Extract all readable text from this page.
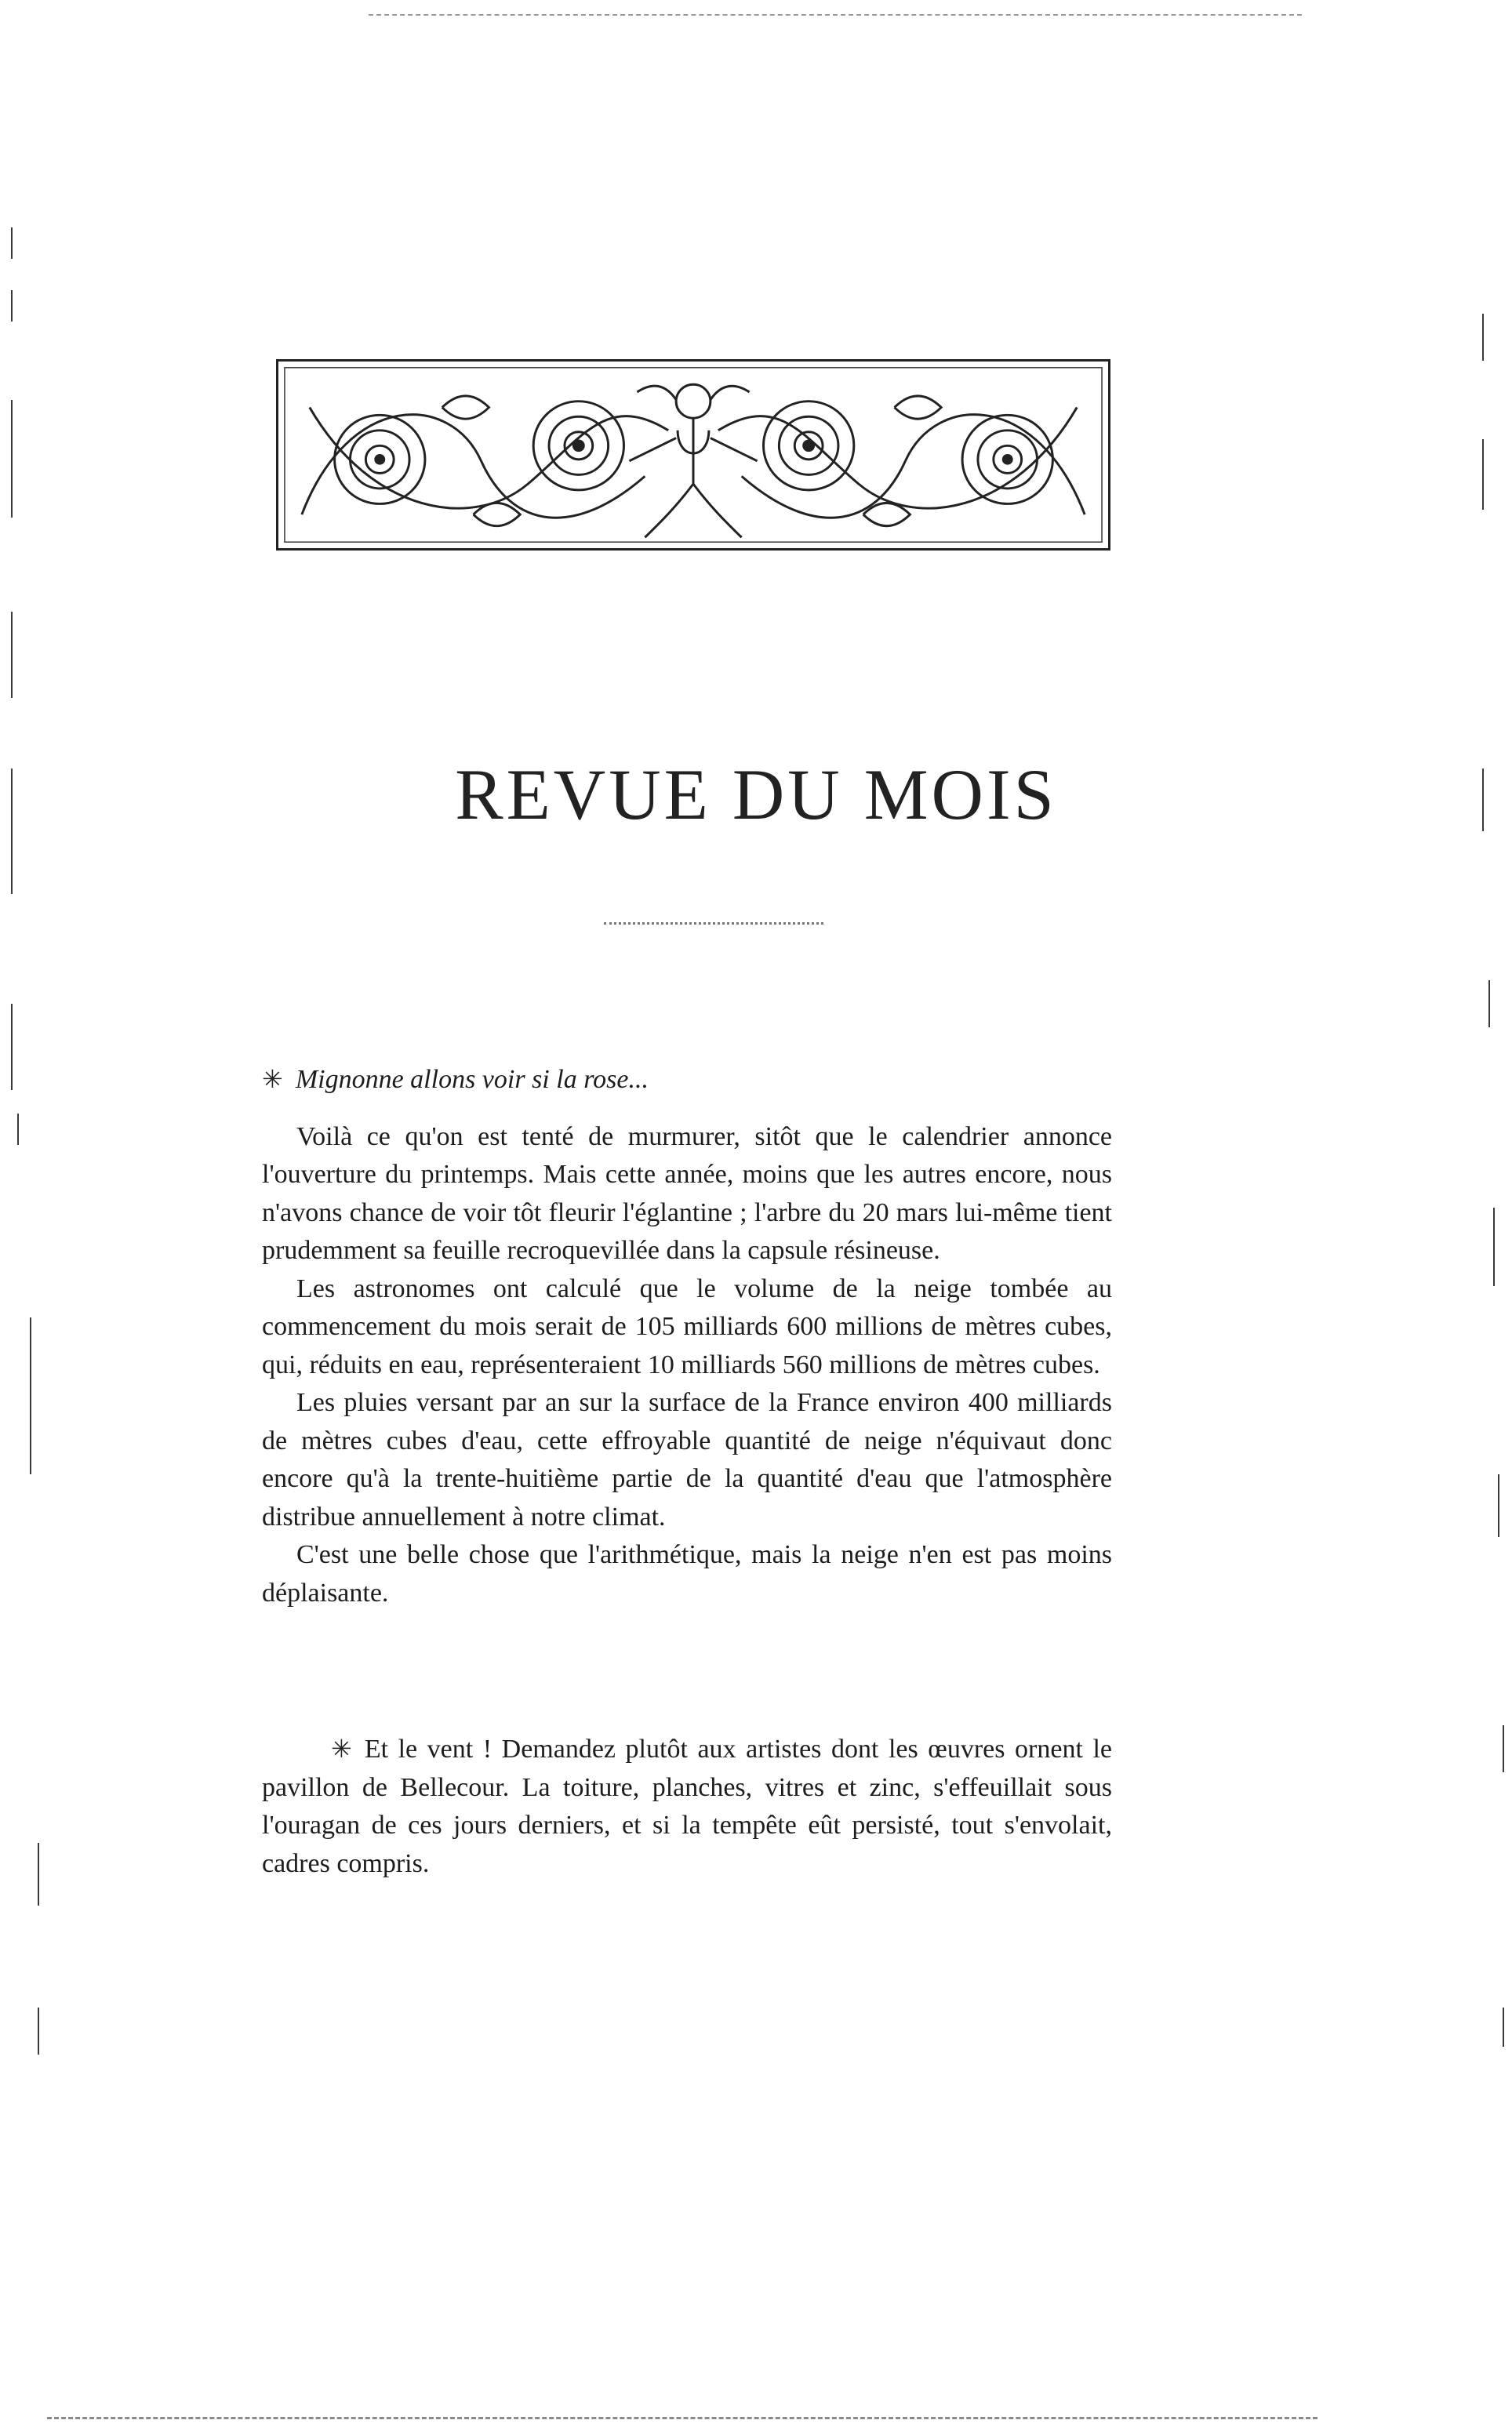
REVUE DU MOIS

✳ Mignonne allons voir si la rose...

Voilà ce qu'on est tenté de murmurer, sitôt que le calendrier annonce l'ouverture du printemps. Mais cette année, moins que les autres encore, nous n'avons chance de voir tôt fleurir l'églantine ; l'arbre du 20 mars lui-même tient prudemment sa feuille recroquevillée dans la capsule résineuse.

Les astronomes ont calculé que le volume de la neige tombée au commencement du mois serait de 105 milliards 600 millions de mètres cubes, qui, réduits en eau, représenteraient 10 milliards 560 millions de mètres cubes.

Les pluies versant par an sur la surface de la France environ 400 milliards de mètres cubes d'eau, cette effroyable quantité de neige n'équivaut donc encore qu'à la trente-huitième partie de la quantité d'eau que l'atmosphère distribue annuellement à notre climat.

C'est une belle chose que l'arithmétique, mais la neige n'en est pas moins déplaisante.

✳ Et le vent ! Demandez plutôt aux artistes dont les œuvres ornent le pavillon de Bellecour. La toiture, planches, vitres et zinc, s'effeuillait sous l'ouragan de ces jours derniers, et si la tempête eût persisté, tout s'envolait, cadres compris.
